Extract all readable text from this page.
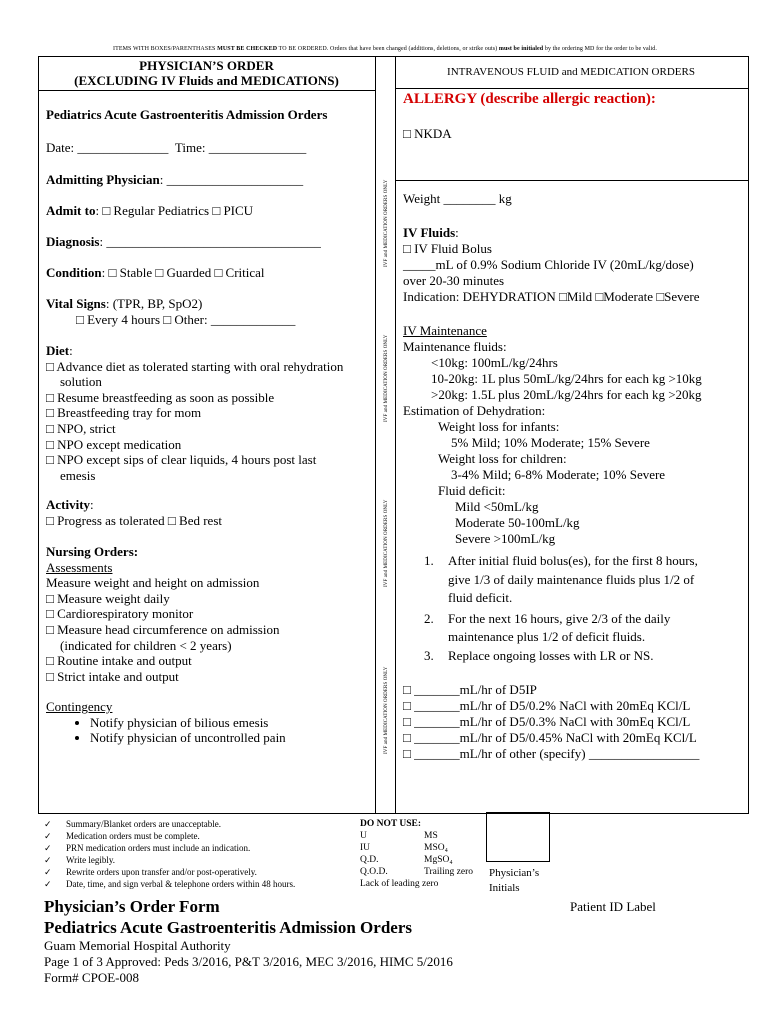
ITEMS WITH BOXES/PARENTHASES MUST BE CHECKED TO BE ORDERED. Orders that have been changed (additions, deletions, or strike outs) must be initialed by the ordering MD for the order to be valid.
PHYSICIAN’S ORDER
(EXCLUDING IV Fluids and MEDICATIONS)
INTRAVENOUS FLUID and MEDICATION ORDERS
IVF and MEDICATION ORDERS ONLY
IVF and MEDICATION ORDERS ONLY
IVF and MEDICATION ORDERS ONLY
IVF and MEDICATION ORDERS ONLY
Pediatrics Acute Gastroenteritis Admission Orders
Date: ______________ Time: _______________
Admitting Physician: _____________________
Admit to: □ Regular Pediatrics □ PICU
Diagnosis: _________________________________
Condition: □ Stable □ Guarded □ Critical
Vital Signs: (TPR, BP, SpO2)
□ Every 4 hours □ Other: _____________
Diet:
□ Advance diet as tolerated starting with oral rehydration
solution
□ Resume breastfeeding as soon as possible
□ Breastfeeding tray for mom
□ NPO, strict
□ NPO except medication
□ NPO except sips of clear liquids, 4 hours post last
emesis
Activity:
□ Progress as tolerated □ Bed rest
Nursing Orders:
Assessments
Measure weight and height on admission
□ Measure weight daily
□ Cardiorespiratory monitor
□ Measure head circumference on admission
(indicated for children < 2 years)
□ Routine intake and output
□ Strict intake and output
Contingency
• Notify physician of bilious emesis
• Notify physician of uncontrolled pain
ALLERGY (describe allergic reaction):
□ NKDA
Weight ________ kg
IV Fluids:
□ IV Fluid Bolus
_____mL of 0.9% Sodium Chloride IV (20mL/kg/dose)
over 20-30 minutes
Indication: DEHYDRATION □Mild □Moderate □Severe
IV Maintenance
Maintenance fluids:
<10kg: 100mL/kg/24hrs
10-20kg: 1L plus 50mL/kg/24hrs for each kg >10kg
>20kg: 1.5L plus 20mL/kg/24hrs for each kg >20kg
Estimation of Dehydration:
Weight loss for infants:
5% Mild; 10% Moderate; 15% Severe
Weight loss for children:
3-4% Mild; 6-8% Moderate; 10% Severe
Fluid deficit:
Mild <50mL/kg
Moderate 50-100mL/kg
Severe >100mL/kg
1.	After initial fluid bolus(es), for the first 8 hours,
give 1/3 of daily maintenance fluids plus 1/2 of
fluid deficit.
2.	For the next 16 hours, give 2/3 of the daily
maintenance plus 1/2 of deficit fluids.
3.	Replace ongoing losses with LR or NS.
□ _______mL/hr of D5IP
□ _______mL/hr of D5/0.2% NaCl with 20mEq KCl/L
□ _______mL/hr of D5/0.3% NaCl with 30mEq KCl/L
□ _______mL/hr of D5/0.45% NaCl with 20mEq KCl/L
□ _______mL/hr of other (specify) _________________
✓ Summary/Blanket orders are unacceptable.
✓ Medication orders must be complete.
✓ PRN medication orders must include an indication.
✓ Write legibly.
✓ Rewrite orders upon transfer and/or post-operatively.
✓ Date, time, and sign verbal & telephone orders within 48 hours.
DO NOT USE:
U	MS
IU	MSO₄
Q.D.	MgSO₄
Q.O.D.	Trailing zero
Lack of leading zero
Physician’s
Initials
Physician’s Order Form
Pediatrics Acute Gastroenteritis Admission Orders
Guam Memorial Hospital Authority
Page 1 of 3 Approved: Peds 3/2016, P&T 3/2016, MEC 3/2016, HIMC 5/2016
Form# CPOE-008
Patient ID Label
